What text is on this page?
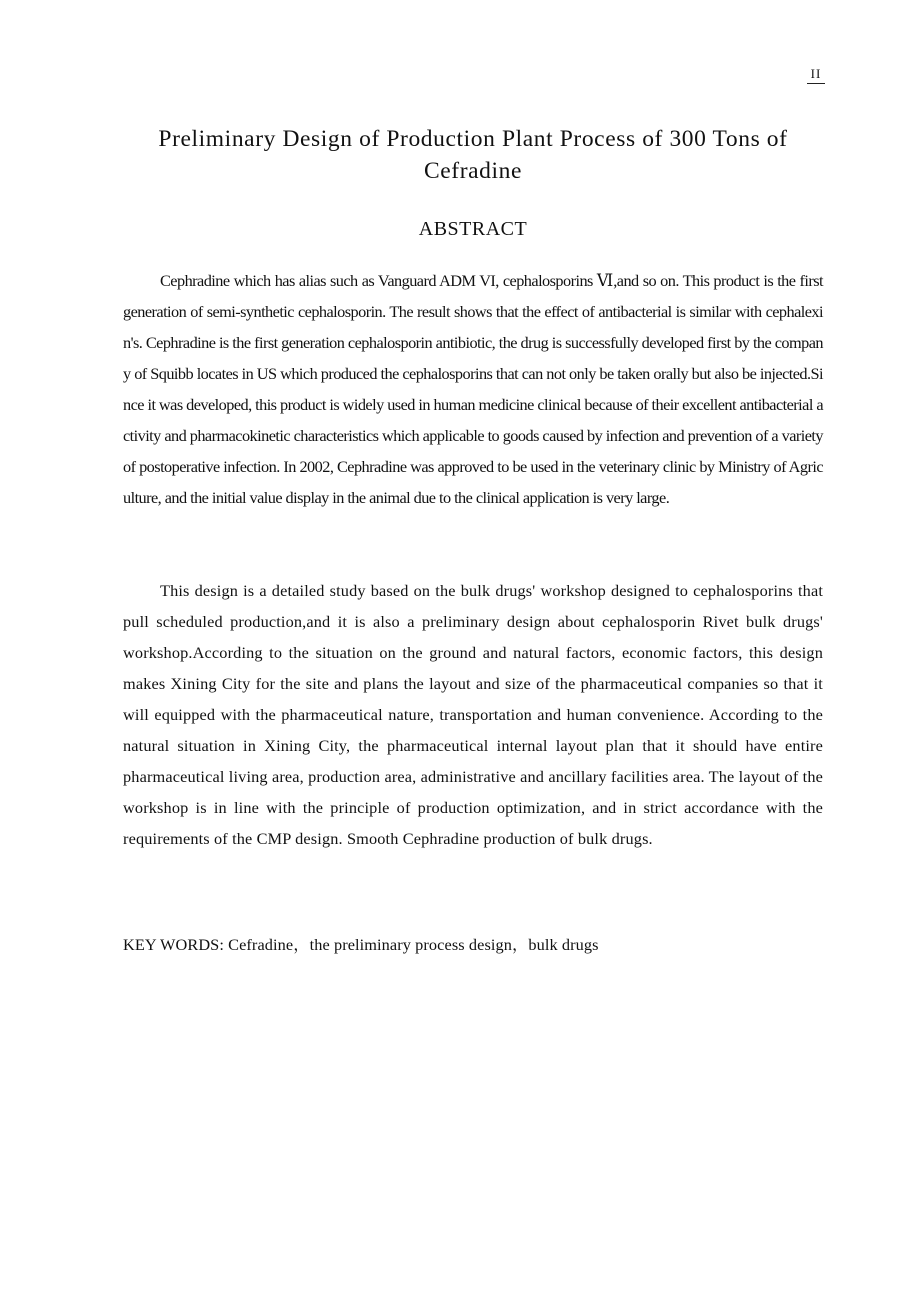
II
Preliminary Design of Production Plant Process of 300 Tons of Cefradine
ABSTRACT

Cephradine which has alias such as Vanguard ADM VI, cephalosporins Ⅵ,and so on. This product is the first generation of semi-synthetic cephalosporin. The result shows that the effect of antibacterial is similar with cephalexin's. Cephradine is the first generation cephalosporin antibiotic, the drug is successfully developed first by the company of Squibb locates in US which produced the cephalosporins that can not only be taken orally but also be injected.Since it was developed, this product is widely used in human medicine clinical because of their excellent antibacterial activity and pharmacokinetic characteristics which applicable to goods caused by infection and prevention of a variety of postoperative infection. In 2002, Cephradine was approved to be used in the veterinary clinic by Ministry of Agriculture, and the initial value display in the animal due to the clinical application is very large.

This design is a detailed study based on the bulk drugs' workshop designed to cephalosporins that pull scheduled production,and it is also a preliminary design about cephalosporin Rivet bulk drugs' workshop.According to the situation on the ground and natural factors, economic factors, this design makes Xining City for the site and plans the layout and size of the pharmaceutical companies so that it will equipped with the pharmaceutical nature, transportation and human convenience. According to the natural situation in Xining City, the pharmaceutical internal layout plan that it should have entire pharmaceutical living area, production area, administrative and ancillary facilities area. The layout of the workshop is in line with the principle of production optimization, and in strict accordance with the requirements of the CMP design. Smooth Cephradine production of bulk drugs.

KEY WORDS: Cefradine，the preliminary process design，bulk drugs
